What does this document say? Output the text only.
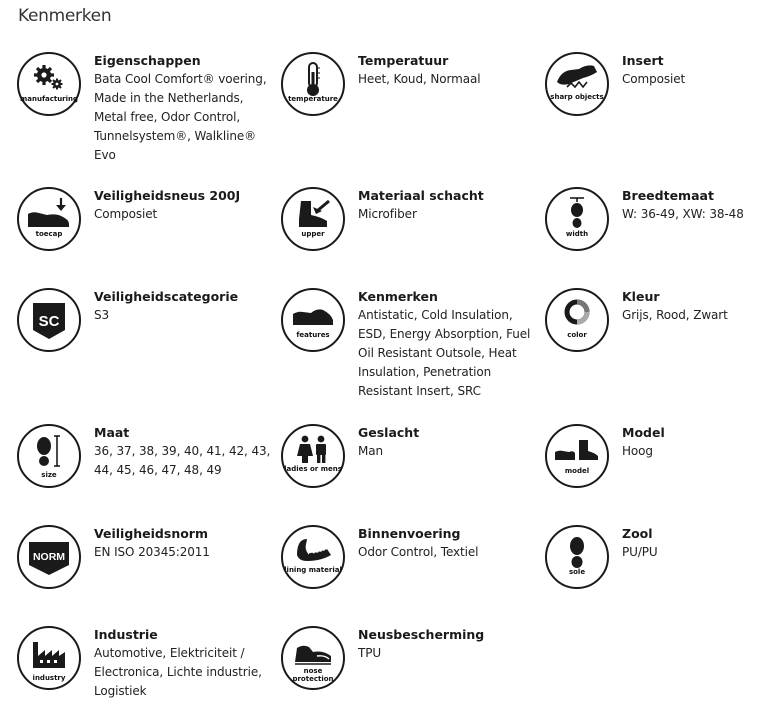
Kenmerken
manufacturing
Eigenschappen
Bata Cool Comfort® voering, Made in the Netherlands, Metal free, Odor Control, Tunnelsystem®, Walkline® Evo
temperature
Temperatuur
Heet, Koud, Normaal
sharp objects
Insert
Composiet
toecap
Veiligheidsneus 200J
Composiet
upper
Materiaal schacht
Microfiber
width
Breedtemaat
W: 36-49, XW: 38-48
SC
Veiligheidscategorie
S3
features
Kenmerken
Antistatic, Cold Insulation, ESD, Energy Absorption, Fuel Oil Resistant Outsole, Heat Insulation, Penetration Resistant Insert, SRC
color
Kleur
Grijs, Rood, Zwart
size
Maat
36, 37, 38, 39, 40, 41, 42, 43, 44, 45, 46, 47, 48, 49	ladies or mens
Geslacht
Man
model
Model
Hoog
NORM
Veiligheidsnorm
EN ISO 20345:2011
lining material
Binnenvoering
Odor Control, Textiel
sole
Zool
PU/PU
industry
Industrie
Automotive, Elektriciteit / Electronica, Lichte industrie, Logistiek
nose protection
Neusbescherming
TPU
